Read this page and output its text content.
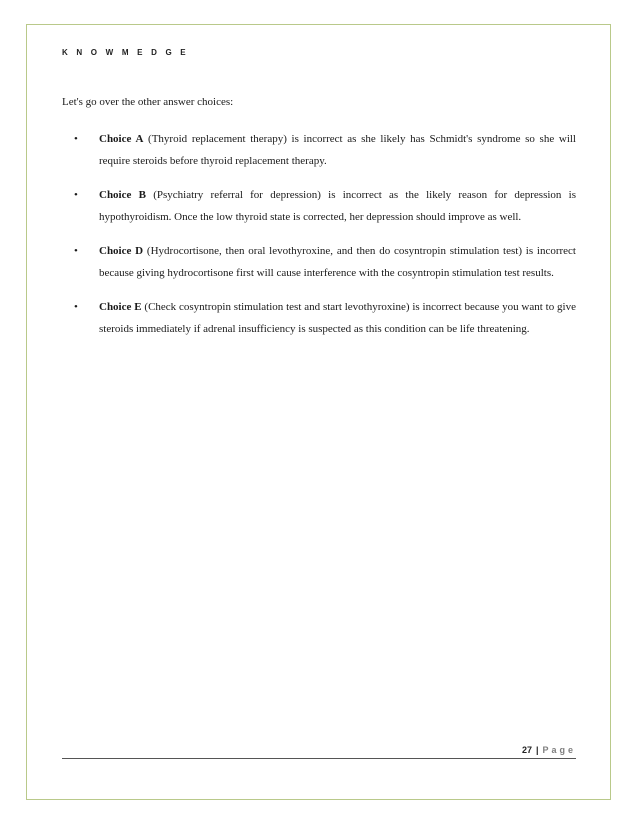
K N O W M E D G E

Let's go over the other answer choices:

• Choice A (Thyroid replacement therapy) is incorrect as she likely has Schmidt's syndrome so she will require steroids before thyroid replacement therapy.
• Choice B (Psychiatry referral for depression) is incorrect as the likely reason for depression is hypothyroidism. Once the low thyroid state is corrected, her depression should improve as well.
• Choice D (Hydrocortisone, then oral levothyroxine, and then do cosyntropin stimulation test) is incorrect because giving hydrocortisone first will cause interference with the cosyntropin stimulation test results.
• Choice E (Check cosyntropin stimulation test and start levothyroxine) is incorrect because you want to give steroids immediately if adrenal insufficiency is suspected as this condition can be life threatening.
27 | Page
